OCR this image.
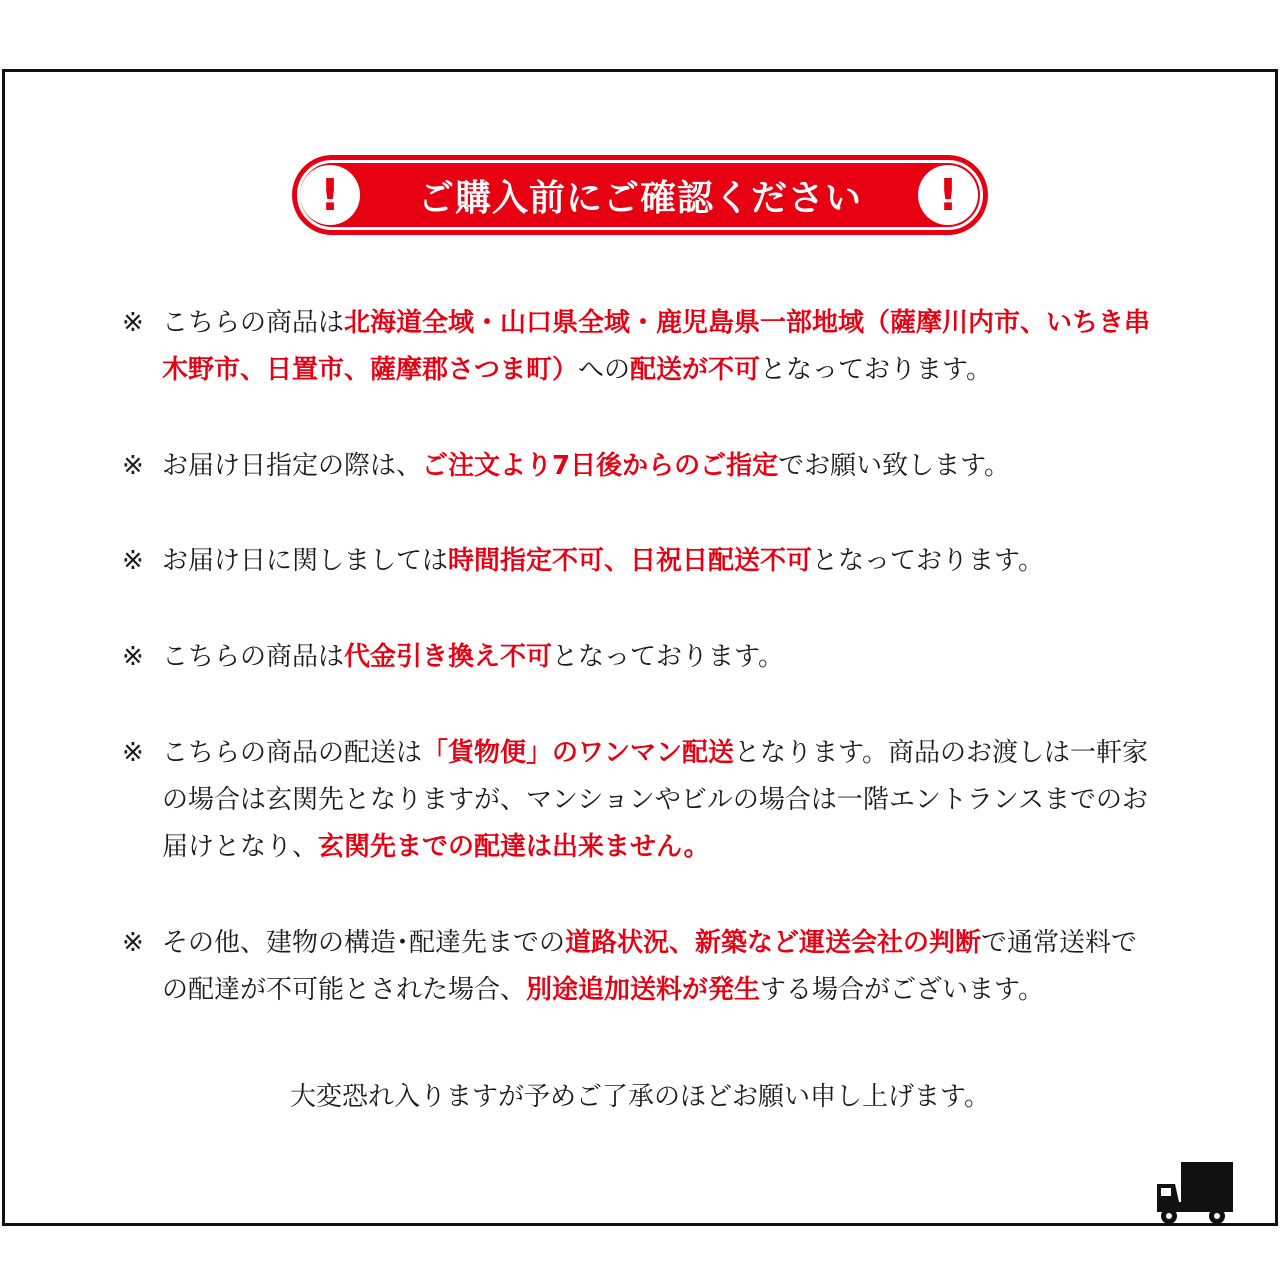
ご購入前にご確認ください
!	!
※ こちらの商品は北海道全域・山口県全域・鹿児島県一部地域（薩摩川内市、いちき串木野市、日置市、薩摩郡さつま町）への配送が不可となっております。
※ お届け日指定の際は、ご注文より7日後からのご指定でお願い致します。
※ お届け日に関しましては時間指定不可、日祝日配送不可となっております。
※ こちらの商品は代金引き換え不可となっております。
※ こちらの商品の配送は「貨物便」のワンマン配送となります。商品のお渡しは一軒家の場合は玄関先となりますが、マンションやビルの場合は一階エントランスまでのお届けとなり、玄関先までの配達は出来ません。
※ その他、建物の構造･配達先までの道路状況、新築など運送会社の判断で通常送料での配達が不可能とされた場合、別途追加送料が発生する場合がございます。
大変恐れ入りますが予めご了承のほどお願い申し上げます。
